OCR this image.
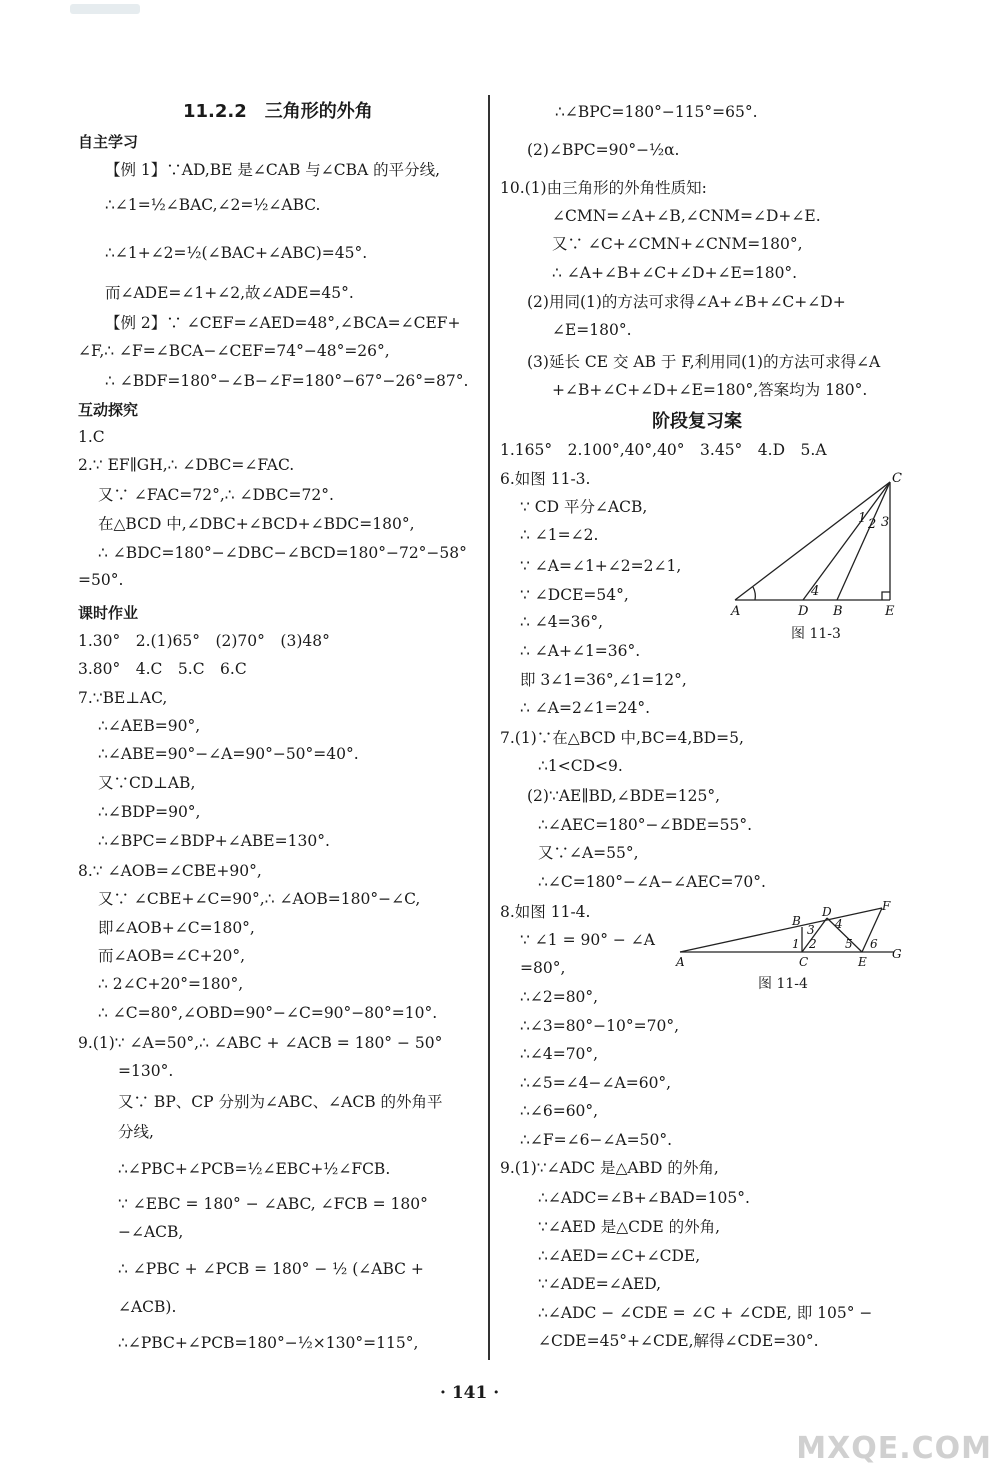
11.2.2　三角形的外角
自主学习
【例 1】∵AD,BE 是∠CAB 与∠CBA 的平分线,
∴∠1=½∠BAC,∠2=½∠ABC.
∴∠1+∠2=½(∠BAC+∠ABC)=45°.
而∠ADE=∠1+∠2,故∠ADE=45°.
【例 2】∵ ∠CEF=∠AED=48°,∠BCA=∠CEF+
∠F,∴ ∠F=∠BCA−∠CEF=74°−48°=26°,
∴ ∠BDF=180°−∠B−∠F=180°−67°−26°=87°.
互动探究
1.C
2.∵ EF∥GH,∴ ∠DBC=∠FAC.
又∵ ∠FAC=72°,∴ ∠DBC=72°.
在△BCD 中,∠DBC+∠BCD+∠BDC=180°,
∴ ∠BDC=180°−∠DBC−∠BCD=180°−72°−58°
=50°.
课时作业
1.30°　2.(1)65°　(2)70°　(3)48°
3.80°　4.C　5.C　6.C
7.∵BE⊥AC,
∴∠AEB=90°,
∴∠ABE=90°−∠A=90°−50°=40°.
又∵CD⊥AB,
∴∠BDP=90°,
∴∠BPC=∠BDP+∠ABE=130°.
8.∵ ∠AOB=∠CBE+90°,
又∵ ∠CBE+∠C=90°,∴ ∠AOB=180°−∠C,
即∠AOB+∠C=180°,
而∠AOB=∠C+20°,
∴ 2∠C+20°=180°,
∴ ∠C=80°,∠OBD=90°−∠C=90°−80°=10°.
9.(1)∵ ∠A=50°,∴ ∠ABC + ∠ACB = 180° − 50°
=130°.
又∵ BP、CP 分别为∠ABC、∠ACB 的外角平
分线,
∴∠PBC+∠PCB=½∠EBC+½∠FCB.
∵ ∠EBC = 180° − ∠ABC, ∠FCB = 180°
−∠ACB,
∴ ∠PBC + ∠PCB = 180° − ½ (∠ABC +
∠ACB).
∴∠PBC+∠PCB=180°−½×130°=115°,
∴∠BPC=180°−115°=65°.
(2)∠BPC=90°−½α.
10.(1)由三角形的外角性质知:
∠CMN=∠A+∠B,∠CNM=∠D+∠E.
又∵ ∠C+∠CMN+∠CNM=180°,
∴ ∠A+∠B+∠C+∠D+∠E=180°.
(2)用同(1)的方法可求得∠A+∠B+∠C+∠D+
∠E=180°.
(3)延长 CE 交 AB 于 F,利用同(1)的方法可求得∠A
+∠B+∠C+∠D+∠E=180°,答案均为 180°.
阶段复习案
1.165°　2.100°,40°,40°　3.45°　4.D　5.A
6.如图 11-3.
∵ CD 平分∠ACB,
∴ ∠1=∠2.
∵ ∠A=∠1+∠2=2∠1,
∵ ∠DCE=54°,
∴ ∠4=36°,
∴ ∠A+∠1=36°.
即 3∠1=36°,∠1=12°,
∴ ∠A=2∠1=24°.
7.(1)∵在△BCD 中,BC=4,BD=5,
∴1<CD<9.
(2)∵AE∥BD,∠BDE=125°,
∴∠AEC=180°−∠BDE=55°.
又∵∠A=55°,
∴∠C=180°−∠A−∠AEC=70°.
8.如图 11-4.
∵ ∠1 = 90° − ∠A
=80°,
∴∠2=80°,
∴∠3=80°−10°=70°,
∴∠4=70°,
∴∠5=∠4−∠A=60°,
∴∠6=60°,
∴∠F=∠6−∠A=50°.
9.(1)∵∠ADC 是△ABD 的外角,
∴∠ADC=∠B+∠BAD=105°.
∵∠AED 是△CDE 的外角,
∴∠AED=∠C+∠CDE,
∵∠ADE=∠AED,
∴∠ADC − ∠CDE = ∠C + ∠CDE, 即 105° −
∠CDE=45°+∠CDE,解得∠CDE=30°.
C
1 2 3
4
A	D B	E
图 11-3
B
D	F
3 4
1 2 5 6
A	C	E
G
图 11-4
· 141 ·
MXQE.COM
